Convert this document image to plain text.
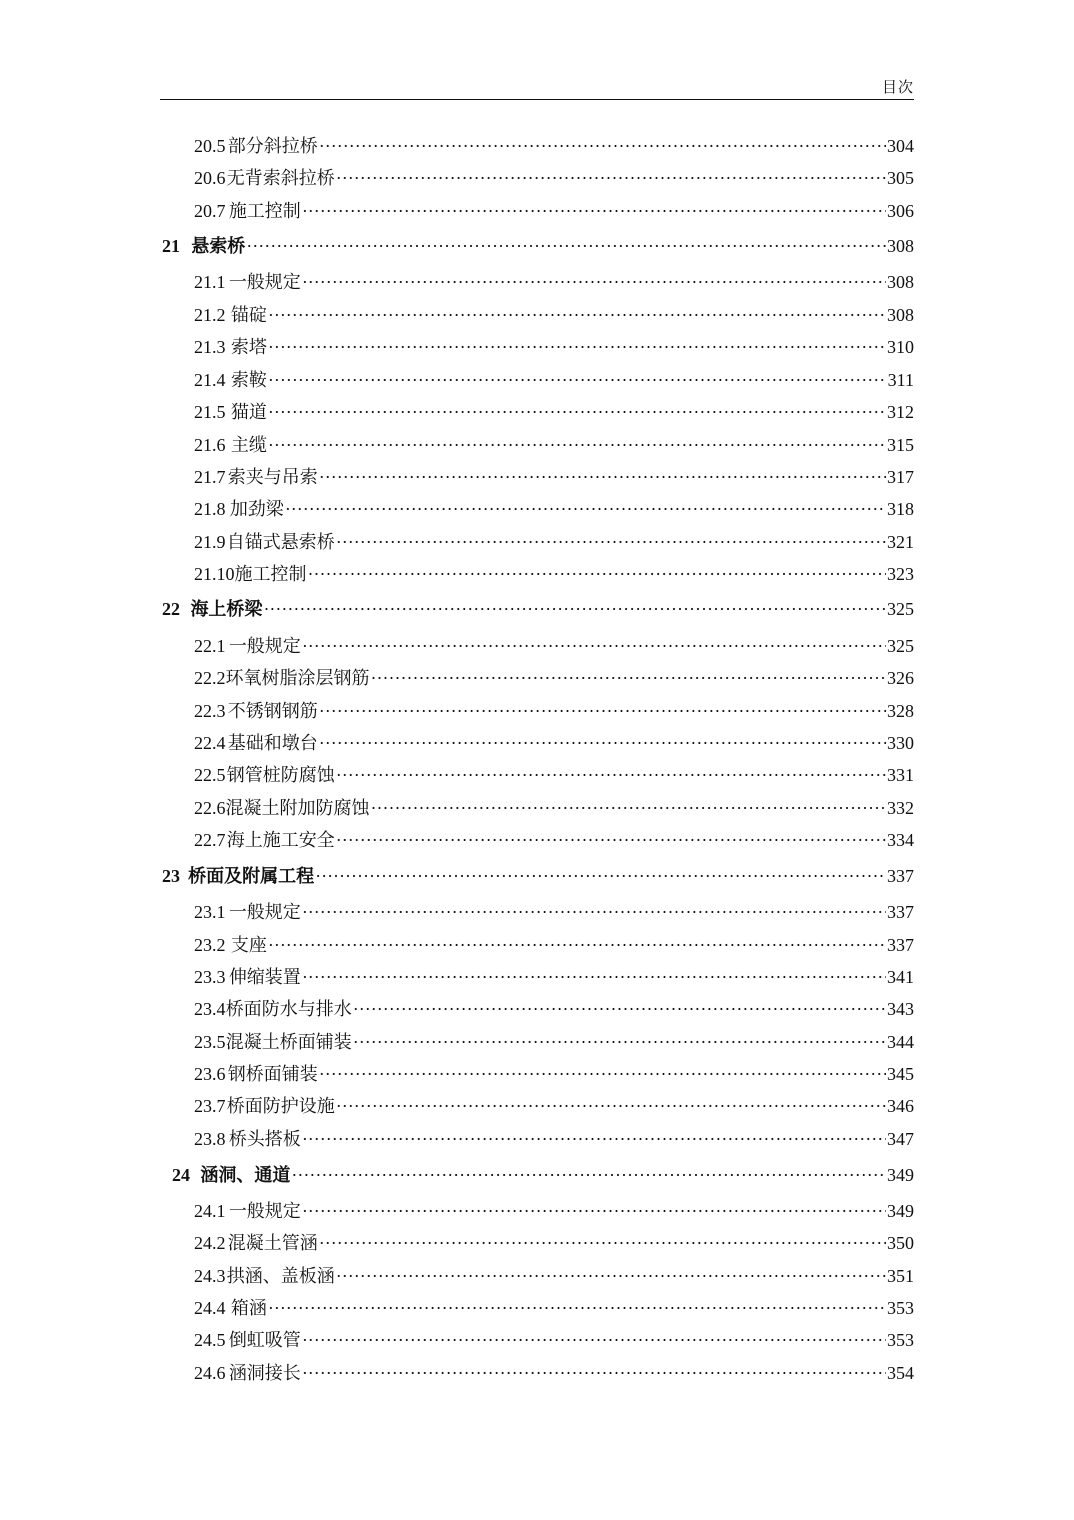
目次
20.5 部分斜拉桥 ·····	304
20.6 无背索斜拉桥 ·····	305
20.7 施工控制 ·····	306
21 悬索桥 ·····	308
21.1 一般规定 ·····	308
21.2 锚碇 ·····	308
21.3 索塔 ·····	310
21.4 索鞍 ·····	311
21.5 猫道 ·····	312
21.6 主缆 ·····	315
21.7 索夹与吊索 ·····	317
21.8 加劲梁 ·····	318
21.9 自锚式悬索桥 ·····	321
21.10 施工控制 ·····	323
22 海上桥梁 ·····	325
22.1 一般规定 ·····	325
22.2 环氧树脂涂层钢筋 ·····	326
22.3 不锈钢钢筋 ·····	328
22.4 基础和墩台 ·····	330
22.5 钢管桩防腐蚀 ·····	331
22.6 混凝土附加防腐蚀 ·····	332
22.7 海上施工安全 ·····	334
23 桥面及附属工程 ·····	337
23.1 一般规定 ·····	337
23.2 支座 ·····	337
23.3 伸缩装置 ·····	341
23.4 桥面防水与排水 ·····	343
23.5 混凝土桥面铺装 ·····	344
23.6 钢桥面铺装 ·····	345
23.7 桥面防护设施 ·····	346
23.8 桥头搭板 ·····	347
24 涵洞、通道 ·····	349
24.1 一般规定 ·····	349
24.2 混凝土管涵 ·····	350
24.3 拱涵、盖板涵 ·····	351
24.4 箱涵 ·····	353
24.5 倒虹吸管 ·····	353
24.6 涵洞接长 ·····	354
